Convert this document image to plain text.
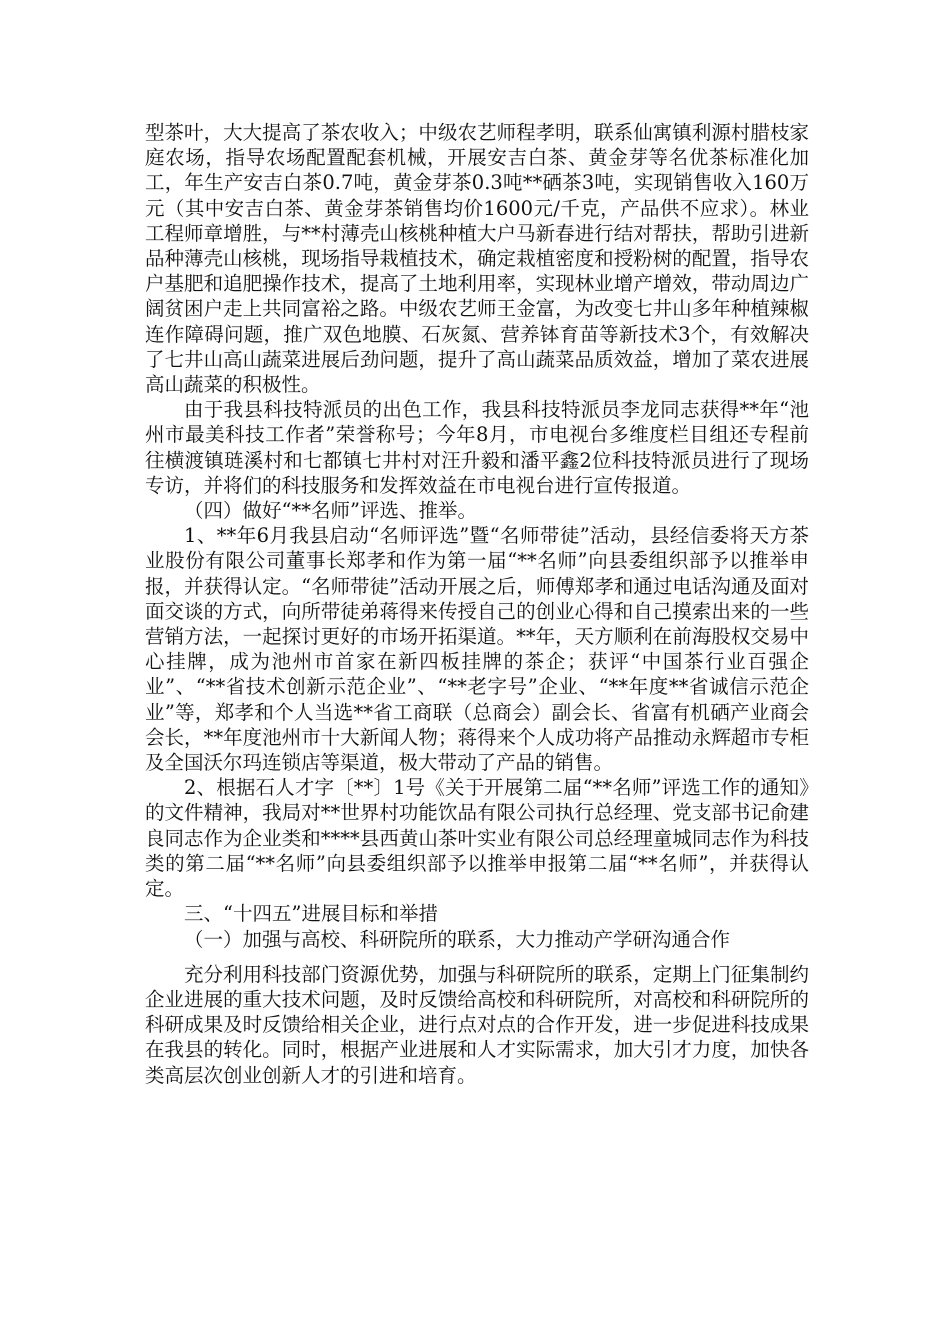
型茶叶，大大提高了茶农收入；中级农艺师程孝明，联系仙寓镇利源村腊枝家庭农场，指导农场配置配套机械，开展安吉白茶、黄金芽等名优茶标准化加工，年生产安吉白茶0.7吨，黄金芽茶0.3吨**硒茶3吨，实现销售收入160万元（其中安吉白茶、黄金芽茶销售均价1600元/千克，产品供不应求）。林业工程师章增胜，与**村薄壳山核桃种植大户马新春进行结对帮扶，帮助引进新品种薄壳山核桃，现场指导栽植技术，确定栽植密度和授粉树的配置，指导农户基肥和追肥操作技术，提高了土地利用率，实现林业增产增效，带动周边广阔贫困户走上共同富裕之路。中级农艺师王金富，为改变七井山多年种植辣椒连作障碍问题，推广双色地膜、石灰氮、营养钵育苗等新技术3个，有效解决了七井山高山蔬菜进展后劲问题，提升了高山蔬菜品质效益，增加了菜农进展高山蔬菜的积极性。

由于我县科技特派员的出色工作，我县科技特派员李龙同志获得**年“池州市最美科技工作者”荣誉称号；今年8月，市电视台多维度栏目组还专程前往横渡镇琏溪村和七都镇七井村对汪升毅和潘平鑫2位科技特派员进行了现场专访，并将们的科技服务和发挥效益在市电视台进行宣传报道。

（四）做好“**名师”评选、推举。

1、**年6月我县启动“名师评选”暨“名师带徒”活动，县经信委将天方茶业股份有限公司董事长郑孝和作为第一届“**名师”向县委组织部予以推举申报，并获得认定。“名师带徒”活动开展之后，师傅郑孝和通过电话沟通及面对面交谈的方式，向所带徒弟蒋得来传授自己的创业心得和自己摸索出来的一些营销方法，一起探讨更好的市场开拓渠道。**年，天方顺利在前海股权交易中心挂牌，成为池州市首家在新四板挂牌的茶企；获评“中国茶行业百强企业”、“**省技术创新示范企业”、“**老字号”企业、“**年度**省诚信示范企业”等，郑孝和个人当选**省工商联（总商会）副会长、省富有机硒产业商会会长，**年度池州市十大新闻人物；蒋得来个人成功将产品推动永辉超市专柜及全国沃尔玛连锁店等渠道，极大带动了产品的销售。

2、根据石人才字〔**〕1号《关于开展第二届“**名师”评选工作的通知》的文件精神，我局对**世界村功能饮品有限公司执行总经理、党支部书记俞建良同志作为企业类和****县西黄山茶叶实业有限公司总经理童城同志作为科技类的第二届“**名师”向县委组织部予以推举申报第二届“**名师”，并获得认定。

三、“十四五”进展目标和举措

（一）加强与高校、科研院所的联系，大力推动产学研沟通合作

充分利用科技部门资源优势，加强与科研院所的联系，定期上门征集制约企业进展的重大技术问题，及时反馈给高校和科研院所，对高校和科研院所的科研成果及时反馈给相关企业，进行点对点的合作开发，进一步促进科技成果在我县的转化。同时，根据产业进展和人才实际需求，加大引才力度，加快各类高层次创业创新人才的引进和培育。
